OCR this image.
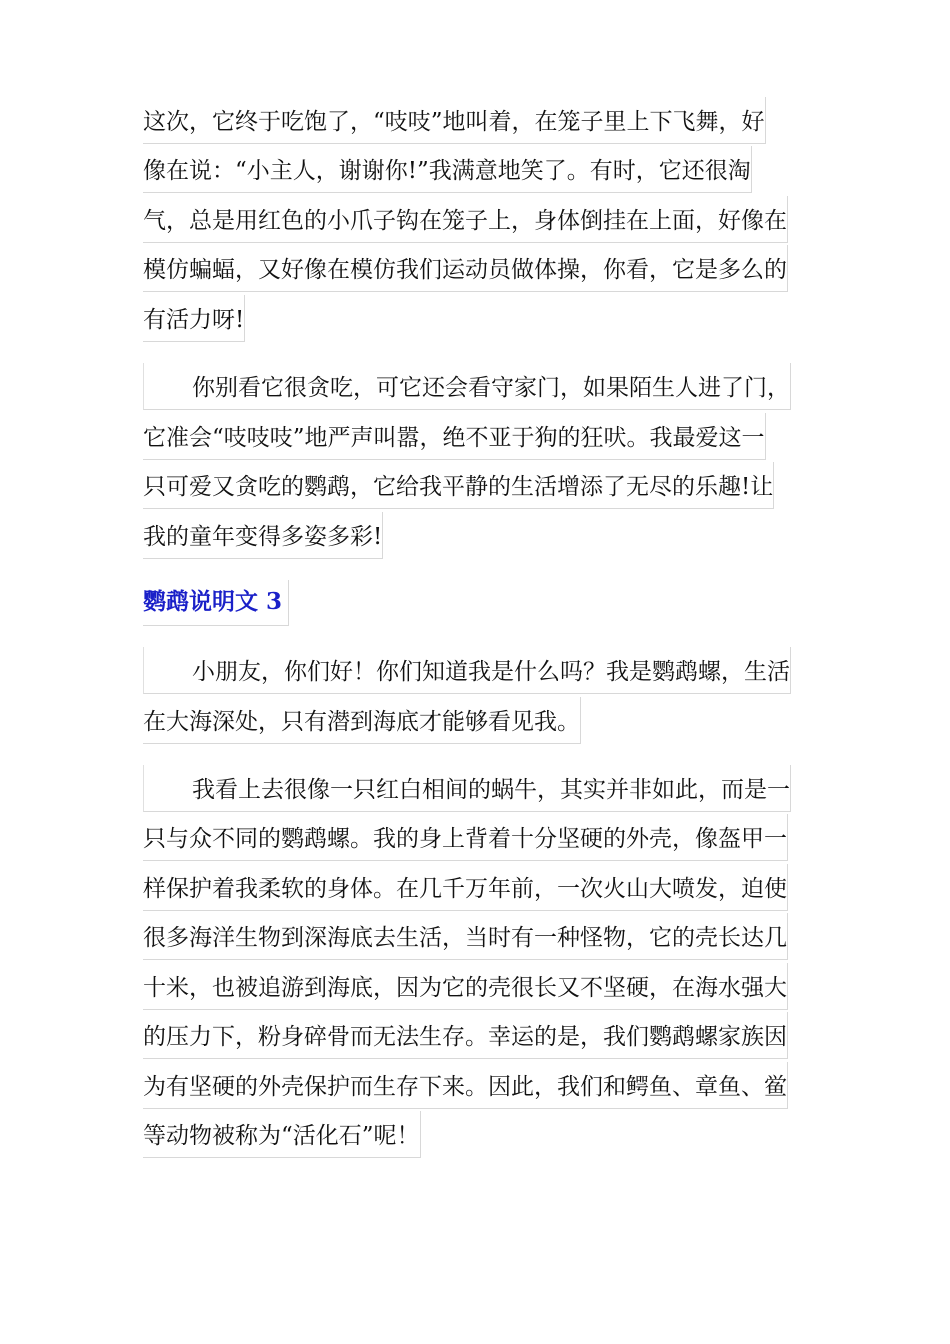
这次，它终于吃饱了，“吱吱”地叫着，在笼子里上下飞舞，好
像在说：“小主人，谢谢你!”我满意地笑了。有时，它还很淘
气，总是用红色的小爪子钩在笼子上，身体倒挂在上面，好像在
模仿蝙蝠，又好像在模仿我们运动员做体操，你看，它是多么的
有活力呀!
你别看它很贪吃，可它还会看守家门，如果陌生人进了门，
它准会“吱吱吱”地严声叫嚣，绝不亚于狗的狂吠。我最爱这一
只可爱又贪吃的鹦鹉，它给我平静的生活增添了无尽的乐趣!让
我的童年变得多姿多彩!
鹦鹉说明文 3
小朋友，你们好！你们知道我是什么吗？我是鹦鹉螺，生活
在大海深处，只有潜到海底才能够看见我。
我看上去很像一只红白相间的蜗牛，其实并非如此，而是一
只与众不同的鹦鹉螺。我的身上背着十分坚硬的外壳，像盔甲一
样保护着我柔软的身体。在几千万年前，一次火山大喷发，迫使
很多海洋生物到深海底去生活，当时有一种怪物，它的壳长达几
十米，也被追游到海底，因为它的壳很长又不坚硬，在海水强大
的压力下，粉身碎骨而无法生存。幸运的是，我们鹦鹉螺家族因
为有坚硬的外壳保护而生存下来。因此，我们和鳄鱼、章鱼、鲎
等动物被称为“活化石”呢！
